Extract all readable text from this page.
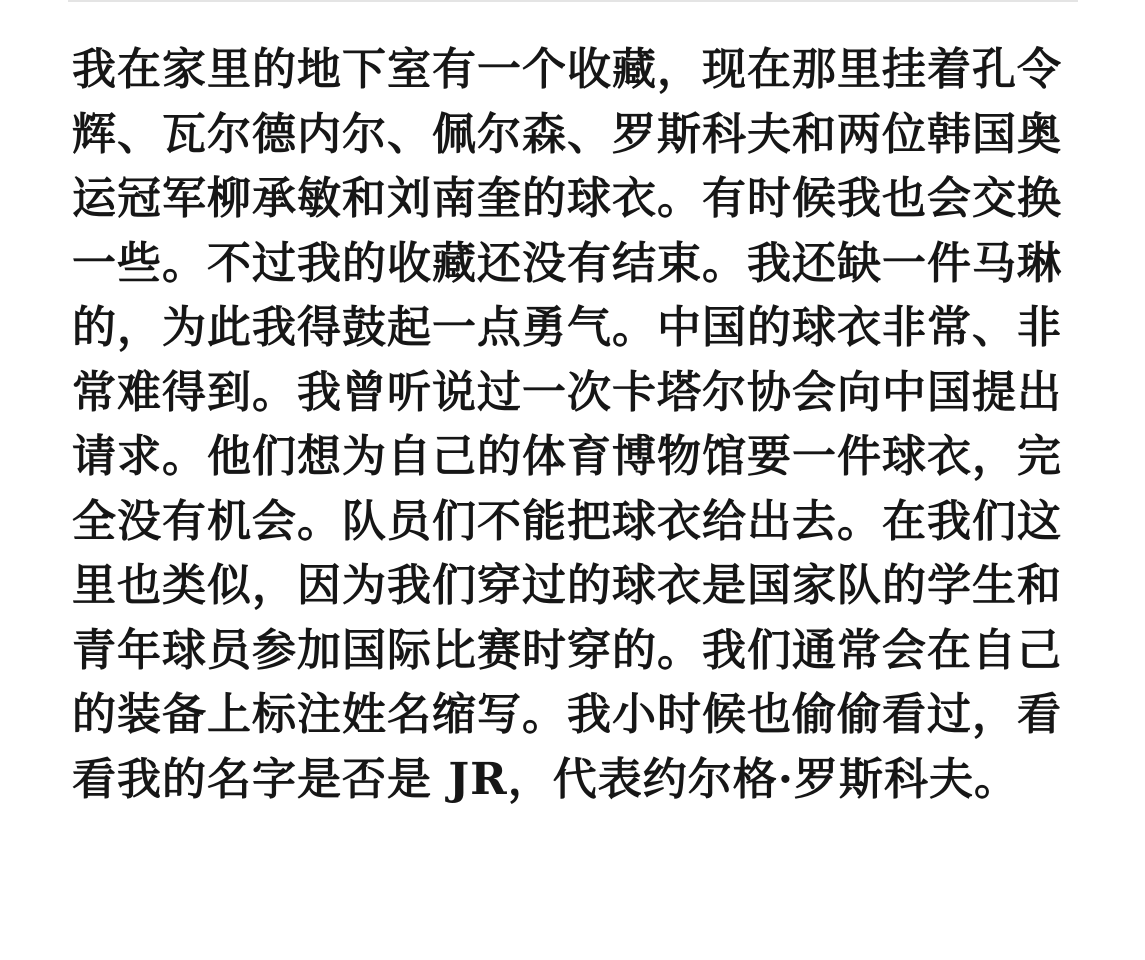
我在家里的地下室有一个收藏，现在那里挂着孔令
辉、瓦尔德内尔、佩尔森、罗斯科夫和两位韩国奥
运冠军柳承敏和刘南奎的球衣。有时候我也会交换
一些。不过我的收藏还没有结束。我还缺一件马琳
的，为此我得鼓起一点勇气。中国的球衣非常、非
常难得到。我曾听说过一次卡塔尔协会向中国提出
请求。他们想为自己的体育博物馆要一件球衣，完
全没有机会。队员们不能把球衣给出去。在我们这
里也类似，因为我们穿过的球衣是国家队的学生和
青年球员参加国际比赛时穿的。我们通常会在自己
的装备上标注姓名缩写。我小时候也偷偷看过，看
看我的名字是否是 JR，代表约尔格·罗斯科夫。
